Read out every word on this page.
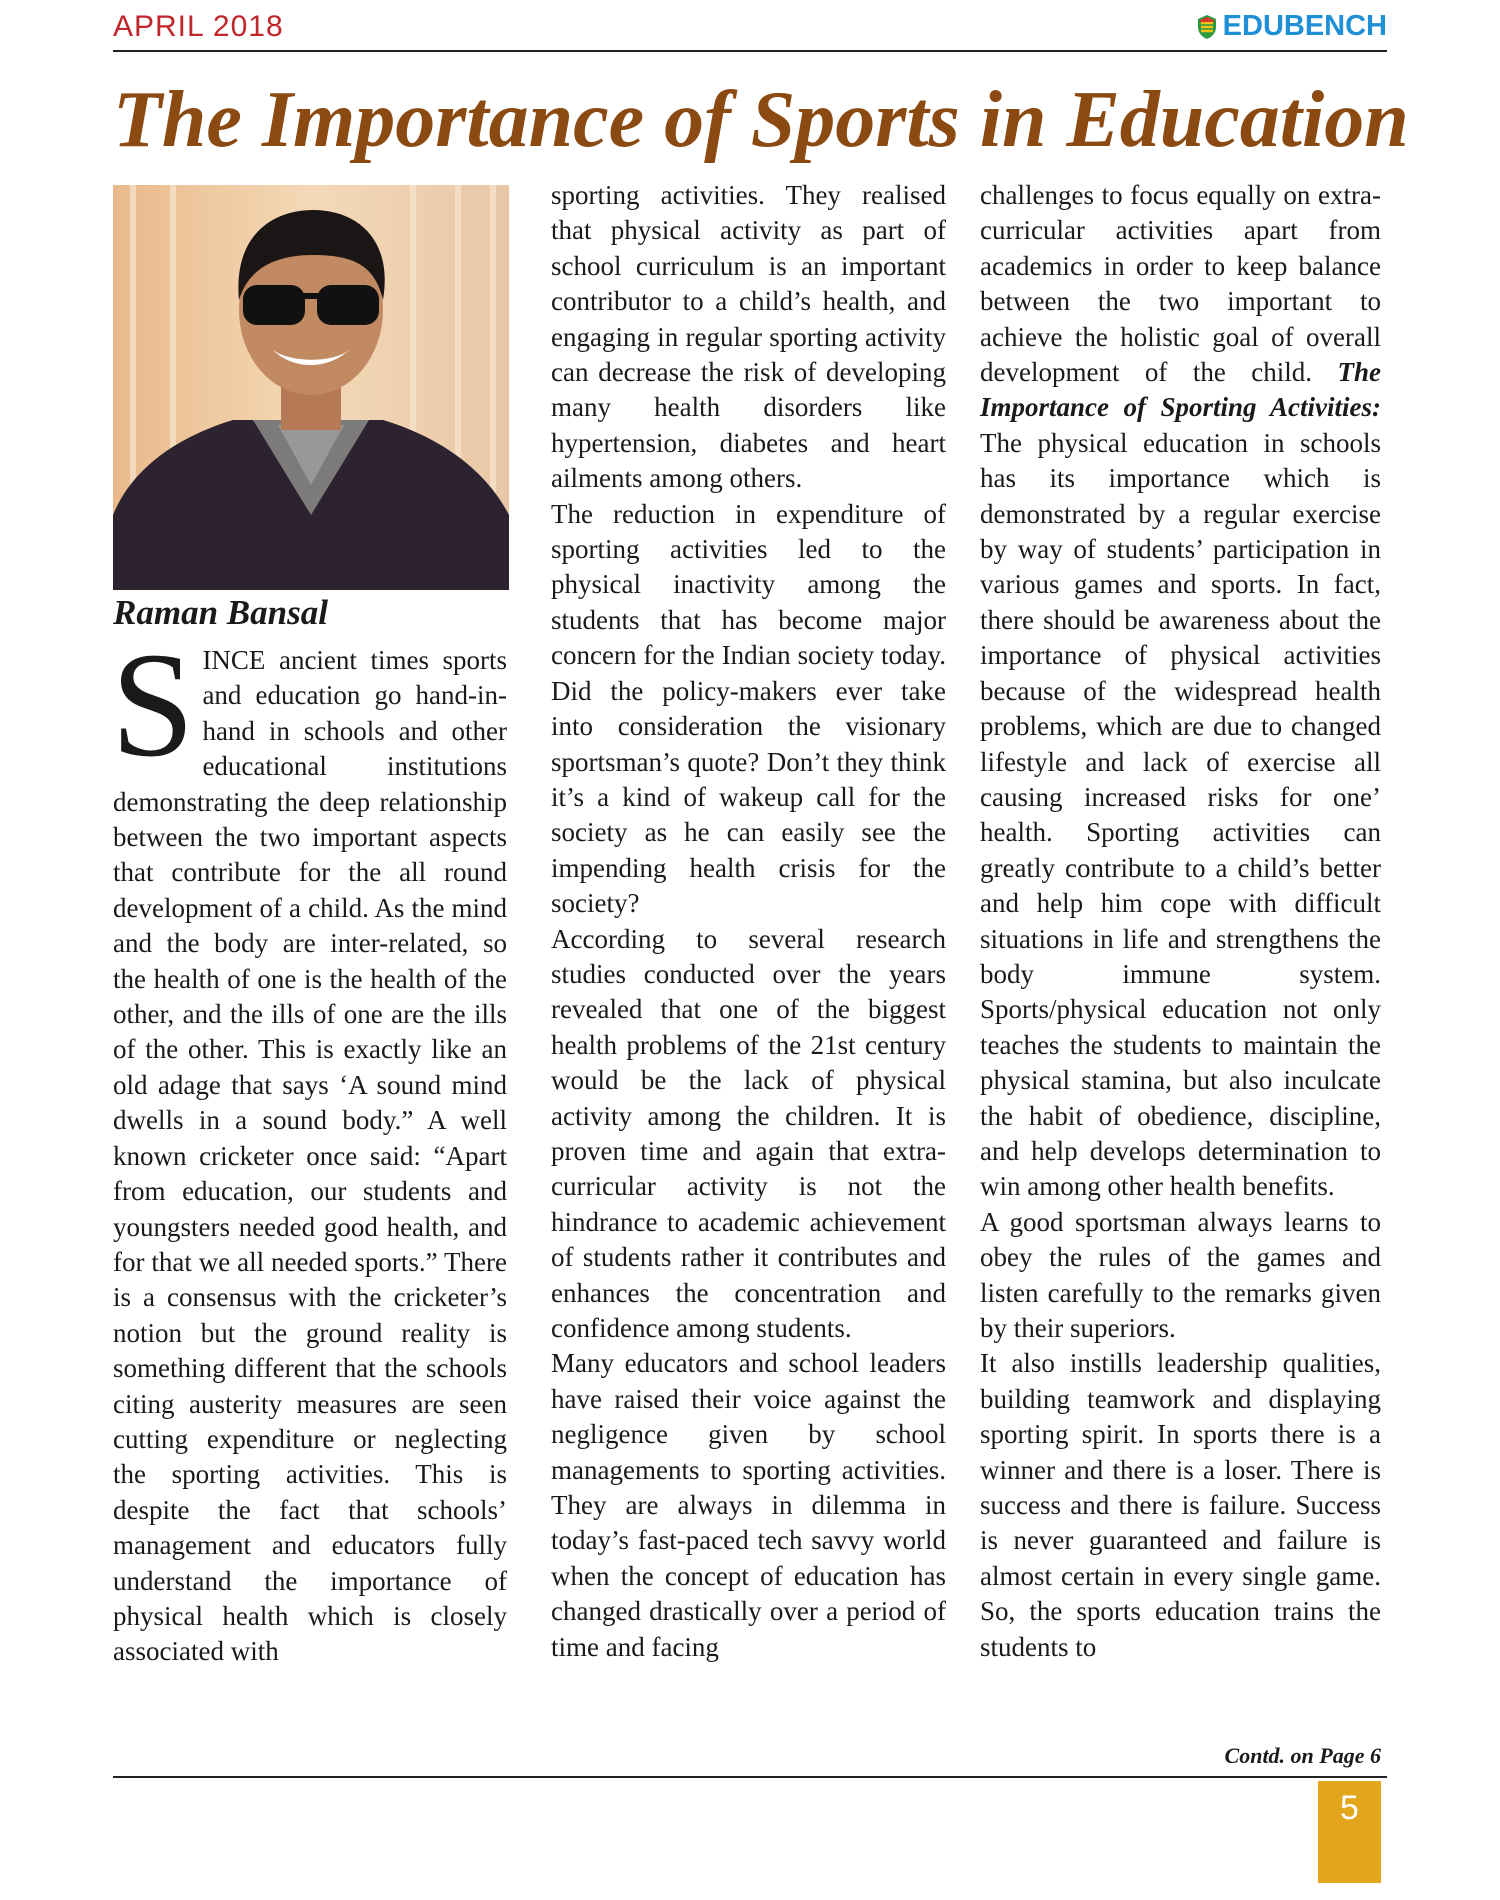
APRIL 2018	EDUBENCH
The Importance of Sports in Education
Raman Bansal
S INCE ancient times sports and education go hand-in-hand in schools and other educational institutions demonstrating the deep relationship between the two important aspects that contribute for the all round development of a child. As the mind and the body are inter-related, so the health of one is the health of the other, and the ills of one are the ills of the other. This is exactly like an old adage that says ‘A sound mind dwells in a sound body.” A well known cricketer once said: “Apart from education, our students and youngsters needed good health, and for that we all needed sports.” There is a consensus with the cricketer’s notion but the ground reality is something different that the schools citing austerity measures are seen cutting expenditure or neglecting the sporting activities. This is despite the fact that schools’ management and educators fully understand the importance of physical health which is closely associated with

sporting activities. They realised that physical activity as part of school curriculum is an important contributor to a child’s health, and engaging in regular sporting activity can decrease the risk of developing many health disorders like hypertension, diabetes and heart ailments among others.

The reduction in expenditure of sporting activities led to the physical inactivity among the students that has become major concern for the Indian society today. Did the policy-makers ever take into consideration the visionary sportsman’s quote? Don’t they think it’s a kind of wakeup call for the society as he can easily see the impending health crisis for the society?

According to several research studies conducted over the years revealed that one of the biggest health problems of the 21st century would be the lack of physical activity among the children. It is proven time and again that extra-curricular activity is not the hindrance to academic achievement of students rather it contributes and enhances the concentration and confidence among students.

Many educators and school leaders have raised their voice against the negligence given by school managements to sporting activities. They are always in dilemma in today’s fast-paced tech savvy world when the concept of education has changed drastically over a period of time and facing

challenges to focus equally on extra-curricular activities apart from academics in order to keep balance between the two important to achieve the holistic goal of overall development of the child. The Importance of Sporting Activities: The physical education in schools has its importance which is demonstrated by a regular exercise by way of students’ participation in various games and sports. In fact, there should be awareness about the importance of physical activities because of the widespread health problems, which are due to changed lifestyle and lack of exercise all causing increased risks for one’ health. Sporting activities can greatly contribute to a child’s better and help him cope with difficult situations in life and strengthens the body immune system. Sports/physical education not only teaches the students to maintain the physical stamina, but also inculcate the habit of obedience, discipline, and help develops determination to win among other health benefits.

A good sportsman always learns to obey the rules of the games and listen carefully to the remarks given by their superiors.

It also instills leadership qualities, building teamwork and displaying sporting spirit. In sports there is a winner and there is a loser. There is success and there is failure. Success is never guaranteed and failure is almost certain in every single game. So, the sports education trains the students to

Contd. on Page 6
5
